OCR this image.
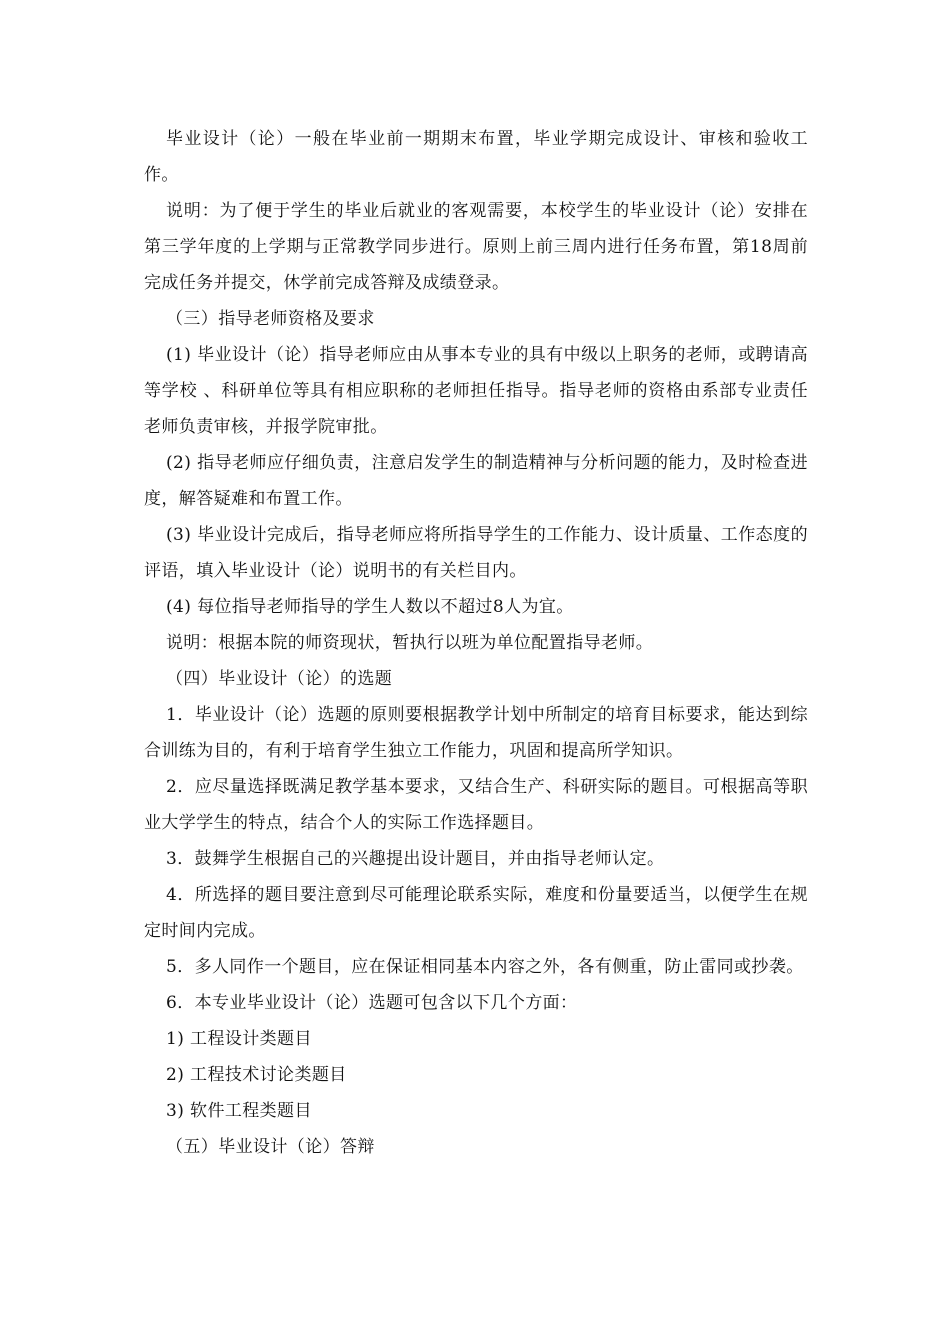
毕业设计（论）一般在毕业前一期期末布置，毕业学期完成设计、审核和验收工作。

说明：为了便于学生的毕业后就业的客观需要，本校学生的毕业设计（论）安排在第三学年度的上学期与正常教学同步进行。原则上前三周内进行任务布置，第18周前完成任务并提交，休学前完成答辩及成绩登录。

（三）指导老师资格及要求

(1) 毕业设计（论）指导老师应由从事本专业的具有中级以上职务的老师，或聘请高等学校 、科研单位等具有相应职称的老师担任指导。指导老师的资格由系部专业责任老师负责审核，并报学院审批。

(2) 指导老师应仔细负责，注意启发学生的制造精神与分析问题的能力，及时检查进度，解答疑难和布置工作。

(3) 毕业设计完成后，指导老师应将所指导学生的工作能力、设计质量、工作态度的评语，填入毕业设计（论）说明书的有关栏目内。

(4) 每位指导老师指导的学生人数以不超过8人为宜。

说明：根据本院的师资现状，暂执行以班为单位配置指导老师。

（四）毕业设计（论）的选题

1．毕业设计（论）选题的原则要根据教学计划中所制定的培育目标要求，能达到综合训练为目的，有利于培育学生独立工作能力，巩固和提高所学知识。

2．应尽量选择既满足教学基本要求，又结合生产、科研实际的题目。可根据高等职业大学学生的特点，结合个人的实际工作选择题目。

3．鼓舞学生根据自己的兴趣提出设计题目，并由指导老师认定。

4．所选择的题目要注意到尽可能理论联系实际，难度和份量要适当，以便学生在规定时间内完成。

5．多人同作一个题目，应在保证相同基本内容之外，各有侧重，防止雷同或抄袭。

6．本专业毕业设计（论）选题可包含以下几个方面：

1) 工程设计类题目

2) 工程技术讨论类题目

3) 软件工程类题目

（五）毕业设计（论）答辩
